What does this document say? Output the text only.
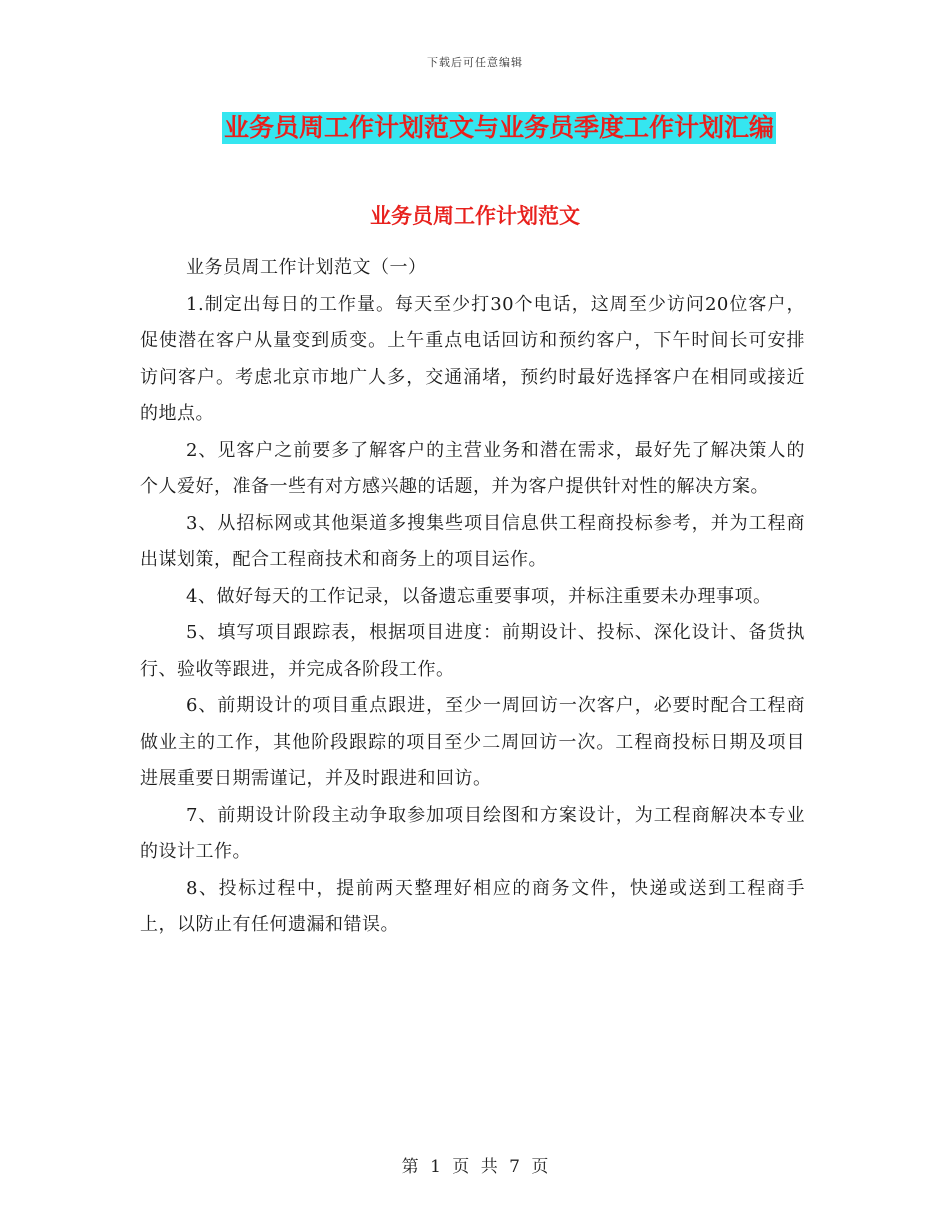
下载后可任意编辑
业务员周工作计划范文与业务员季度工作计划汇编
业务员周工作计划范文

业务员周工作计划范文（一）

1.制定出每日的工作量。每天至少打30个电话，这周至少访问20位客户，促使潜在客户从量变到质变。上午重点电话回访和预约客户，下午时间长可安排访问客户。考虑北京市地广人多，交通涌堵，预约时最好选择客户在相同或接近的地点。

2、见客户之前要多了解客户的主营业务和潜在需求，最好先了解决策人的个人爱好，准备一些有对方感兴趣的话题，并为客户提供针对性的解决方案。

3、从招标网或其他渠道多搜集些项目信息供工程商投标参考，并为工程商出谋划策，配合工程商技术和商务上的项目运作。

4、做好每天的工作记录，以备遗忘重要事项，并标注重要未办理事项。

5、填写项目跟踪表，根据项目进度：前期设计、投标、深化设计、备货执行、验收等跟进，并完成各阶段工作。

6、前期设计的项目重点跟进，至少一周回访一次客户，必要时配合工程商做业主的工作，其他阶段跟踪的项目至少二周回访一次。工程商投标日期及项目进展重要日期需谨记，并及时跟进和回访。

7、前期设计阶段主动争取参加项目绘图和方案设计，为工程商解决本专业的设计工作。

8、投标过程中，提前两天整理好相应的商务文件，快递或送到工程商手上，以防止有任何遗漏和错误。

第 1 页 共 7 页
